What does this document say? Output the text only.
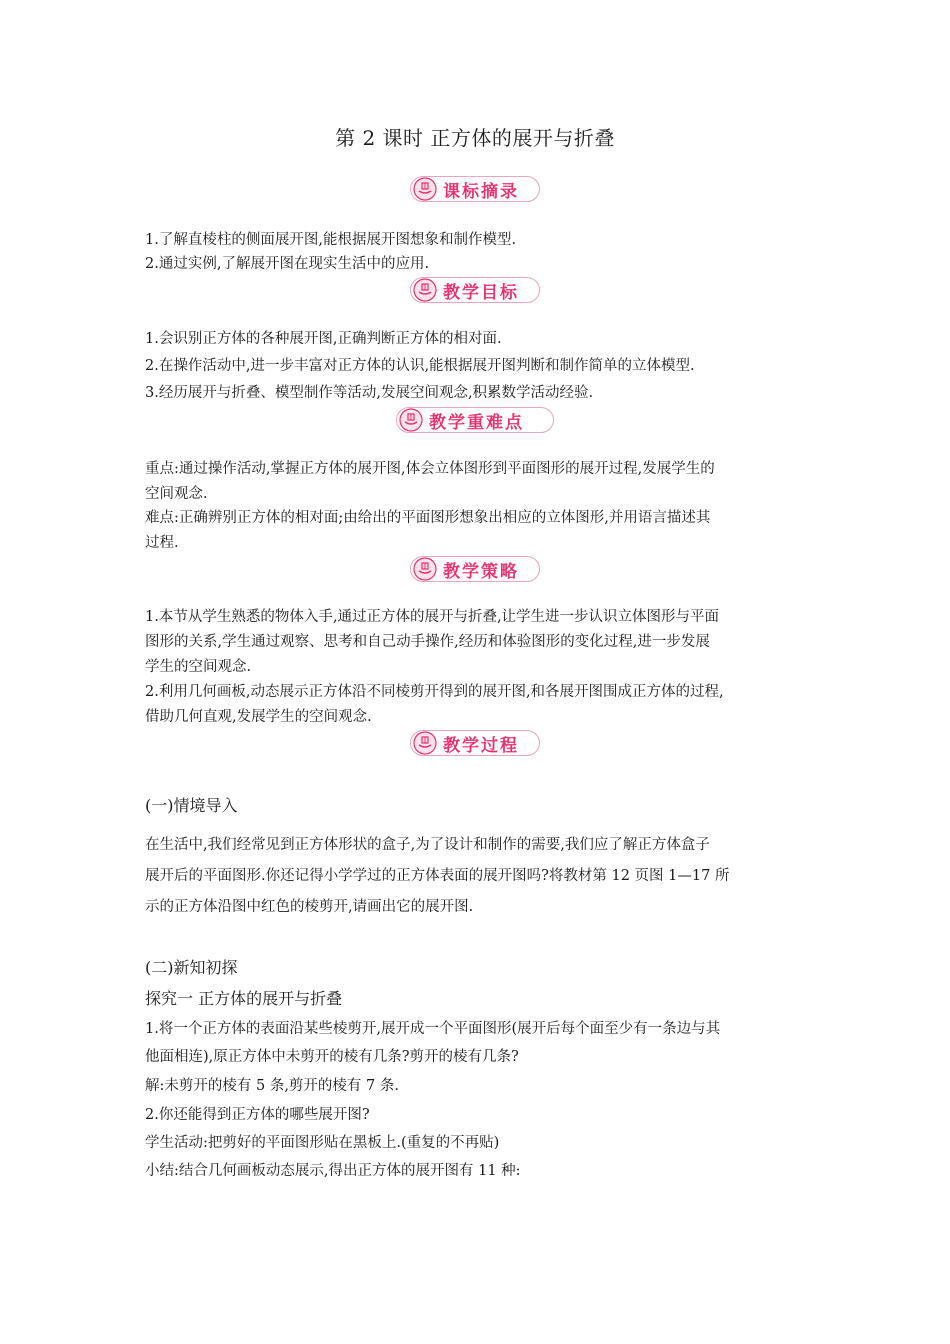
第 2 课时 正方体的展开与折叠
课标摘录
1.了解直棱柱的侧面展开图,能根据展开图想象和制作模型.
2.通过实例,了解展开图在现实生活中的应用.
教学目标
1.会识别正方体的各种展开图,正确判断正方体的相对面.
2.在操作活动中,进一步丰富对正方体的认识,能根据展开图判断和制作简单的立体模型.
3.经历展开与折叠、模型制作等活动,发展空间观念,积累数学活动经验.
教学重难点
重点:通过操作活动,掌握正方体的展开图,体会立体图形到平面图形的展开过程,发展学生的
空间观念.
难点:正确辨别正方体的相对面;由给出的平面图形想象出相应的立体图形,并用语言描述其
过程.
教学策略
1.本节从学生熟悉的物体入手,通过正方体的展开与折叠,让学生进一步认识立体图形与平面
图形的关系,学生通过观察、思考和自己动手操作,经历和体验图形的变化过程,进一步发展
学生的空间观念.
2.利用几何画板,动态展示正方体沿不同棱剪开得到的展开图,和各展开图围成正方体的过程,
借助几何直观,发展学生的空间观念.
教学过程
(一)情境导入
在生活中,我们经常见到正方体形状的盒子,为了设计和制作的需要,我们应了解正方体盒子
展开后的平面图形.你还记得小学学过的正方体表面的展开图吗?将教材第 12 页图 1—17 所
示的正方体沿图中红色的棱剪开,请画出它的展开图.
(二)新知初探
探究一 正方体的展开与折叠
1.将一个正方体的表面沿某些棱剪开,展开成一个平面图形(展开后每个面至少有一条边与其
他面相连),原正方体中未剪开的棱有几条?剪开的棱有几条?
解:未剪开的棱有 5 条,剪开的棱有 7 条.
2.你还能得到正方体的哪些展开图?
学生活动:把剪好的平面图形贴在黑板上.(重复的不再贴)
小结:结合几何画板动态展示,得出正方体的展开图有 11 种:
